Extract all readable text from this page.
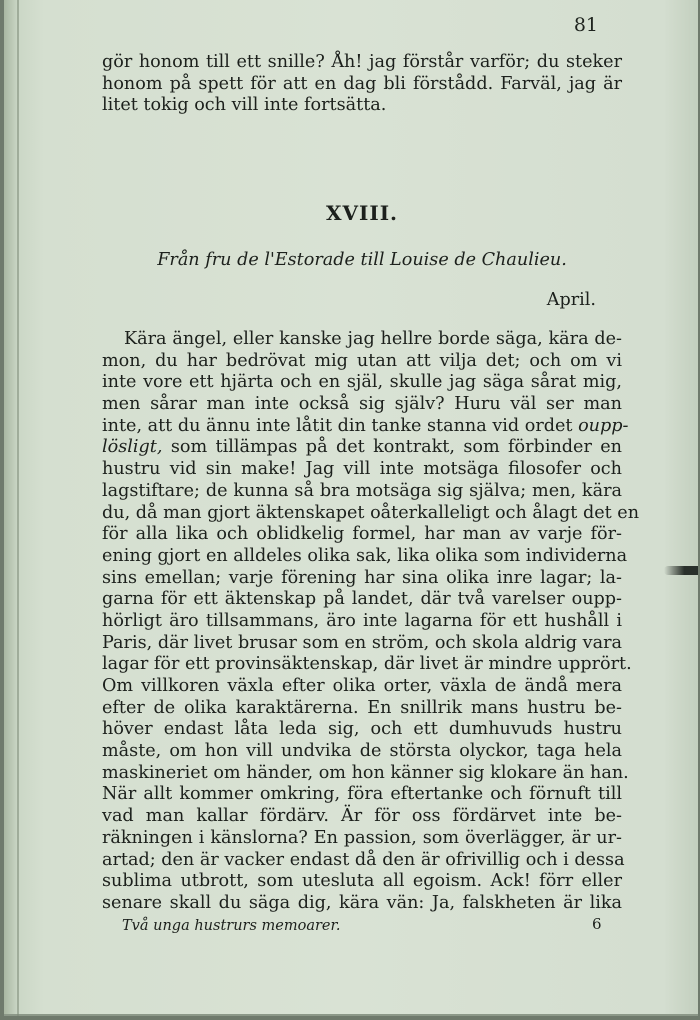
81

gör honom till ett snille? Åh! jag förstår varför; du steker
honom på spett för att en dag bli förstådd. Farväl, jag är
litet tokig och vill inte fortsätta.
XVIII.

Från fru de l'Estorade till Louise de Chaulieu.

April.

Kära ängel, eller kanske jag hellre borde säga, kära de-
mon, du har bedrövat mig utan att vilja det; och om vi
inte vore ett hjärta och en själ, skulle jag säga sårat mig,
men sårar man inte också sig själv? Huru väl ser man
inte, att du ännu inte låtit din tanke stanna vid ordet oupp-
lösligt, som tillämpas på det kontrakt, som förbinder en
hustru vid sin make! Jag vill inte motsäga filosofer och
lagstiftare; de kunna så bra motsäga sig själva; men, kära
du, då man gjort äktenskapet oåterkalleligt och ålagt det en
för alla lika och oblidkelig formel, har man av varje för-
ening gjort en alldeles olika sak, lika olika som individerna
sins emellan; varje förening har sina olika inre lagar; la-
garna för ett äktenskap på landet, där två varelser oupp-
hörligt äro tillsammans, äro inte lagarna för ett hushåll i
Paris, där livet brusar som en ström, och skola aldrig vara
lagar för ett provinsäktenskap, där livet är mindre upprört.
Om villkoren växla efter olika orter, växla de ändå mera
efter de olika karaktärerna. En snillrik mans hustru be-
höver endast låta leda sig, och ett dumhuvuds hustru
måste, om hon vill undvika de största olyckor, taga hela
maskineriet om händer, om hon känner sig klokare än han.
När allt kommer omkring, föra eftertanke och förnuft till
vad man kallar fördärv. Är för oss fördärvet inte be-
räkningen i känslorna? En passion, som överlägger, är ur-
artad; den är vacker endast då den är ofrivillig och i dessa
sublima utbrott, som utesluta all egoism. Ack! förr eller
senare skall du säga dig, kära vän: Ja, falskheten är lika

Två unga hustrurs memoarer.	6
